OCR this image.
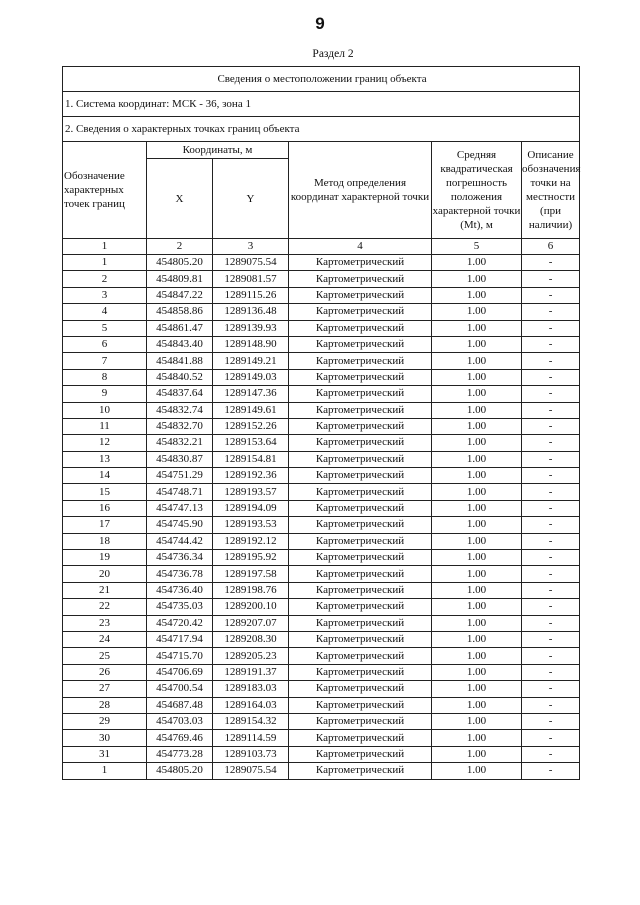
9
Раздел 2
Сведения о местоположении границ объекта					
1. Система координат: МСК - 36, зона 1					
2. Сведения о характерных точках границ объекта					
Обозначение характерных точек границ	Координаты, м		Метод определения координат характерной точки	Средняя квадратическая погрешность положения характерной точки (Mt), м	Описание обозначения точки на местности (при наличии)
	X	Y			
1	2	3	4	5	6
1	454805.20	1289075.54	Картометрический	1.00	-
2	454809.81	1289081.57	Картометрический	1.00	-
3	454847.22	1289115.26	Картометрический	1.00	-
4	454858.86	1289136.48	Картометрический	1.00	-
5	454861.47	1289139.93	Картометрический	1.00	-
6	454843.40	1289148.90	Картометрический	1.00	-
7	454841.88	1289149.21	Картометрический	1.00	-
8	454840.52	1289149.03	Картометрический	1.00	-
9	454837.64	1289147.36	Картометрический	1.00	-
10	454832.74	1289149.61	Картометрический	1.00	-
11	454832.70	1289152.26	Картометрический	1.00	-
12	454832.21	1289153.64	Картометрический	1.00	-
13	454830.87	1289154.81	Картометрический	1.00	-
14	454751.29	1289192.36	Картометрический	1.00	-
15	454748.71	1289193.57	Картометрический	1.00	-
16	454747.13	1289194.09	Картометрический	1.00	-
17	454745.90	1289193.53	Картометрический	1.00	-
18	454744.42	1289192.12	Картометрический	1.00	-
19	454736.34	1289195.92	Картометрический	1.00	-
20	454736.78	1289197.58	Картометрический	1.00	-
21	454736.40	1289198.76	Картометрический	1.00	-
22	454735.03	1289200.10	Картометрический	1.00	-
23	454720.42	1289207.07	Картометрический	1.00	-
24	454717.94	1289208.30	Картометрический	1.00	-
25	454715.70	1289205.23	Картометрический	1.00	-
26	454706.69	1289191.37	Картометрический	1.00	-
27	454700.54	1289183.03	Картометрический	1.00	-
28	454687.48	1289164.03	Картометрический	1.00	-
29	454703.03	1289154.32	Картометрический	1.00	-
30	454769.46	1289114.59	Картометрический	1.00	-
31	454773.28	1289103.73	Картометрический	1.00	-
1	454805.20	1289075.54	Картометрический	1.00	-
